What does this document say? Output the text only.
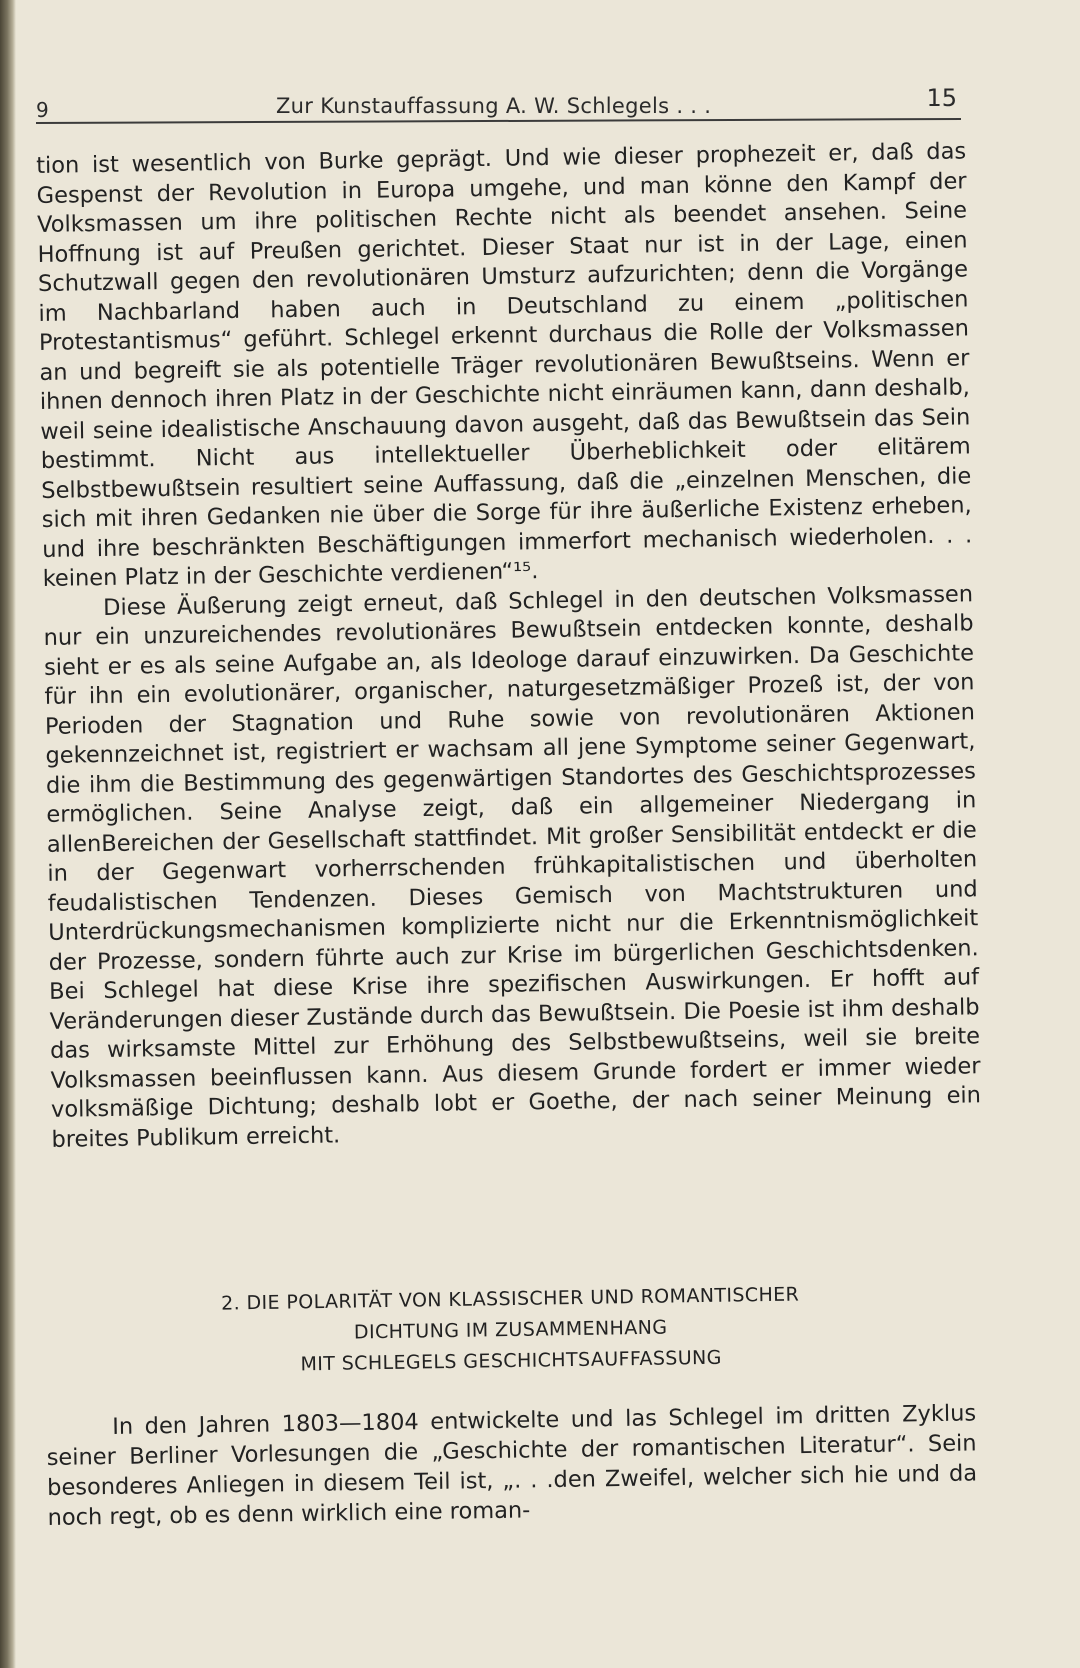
9	Zur Kunstauffassung A. W. Schlegels . . .	15

tion ist wesentlich von Burke geprägt. Und wie dieser prophezeit er, daß das Gespenst der Revolution in Europa umgehe, und man könne den Kampf der Volksmassen um ihre politischen Rechte nicht als beendet ansehen. Seine Hoffnung ist auf Preußen gerichtet. Dieser Staat nur ist in der Lage, einen Schutzwall gegen den revolutionären Umsturz aufzurichten; denn die Vorgänge im Nachbarland haben auch in Deutschland zu einem „politischen Protestantismus“ geführt. Schlegel erkennt durchaus die Rolle der Volksmassen an und begreift sie als potentielle Träger revolutionären Bewußtseins. Wenn er ihnen dennoch ihren Platz in der Geschichte nicht einräumen kann, dann deshalb, weil seine idealistische Anschauung davon ausgeht, daß das Bewußtsein das Sein bestimmt. Nicht aus intellektueller Überheblichkeit oder elitärem Selbstbewußtsein resultiert seine Auffassung, daß die „einzelnen Menschen, die sich mit ihren Gedanken nie über die Sorge für ihre äußerliche Existenz erheben, und ihre beschränkten Beschäftigungen immerfort mechanisch wiederholen. . . keinen Platz in der Geschichte verdienen“¹⁵.

Diese Äußerung zeigt erneut, daß Schlegel in den deutschen Volksmassen nur ein unzureichendes revolutionäres Bewußtsein entdecken konnte, deshalb sieht er es als seine Aufgabe an, als Ideologe darauf einzuwirken. Da Geschichte für ihn ein evolutionärer, organischer, naturgesetzmäßiger Prozeß ist, der von Perioden der Stagnation und Ruhe sowie von revolutionären Aktionen gekennzeichnet ist, registriert er wachsam all jene Symptome seiner Gegenwart, die ihm die Bestimmung des gegenwärtigen Standortes des Geschichtsprozesses ermöglichen. Seine Analyse zeigt, daß ein allgemeiner Niedergang in allenBereichen der Gesellschaft stattfindet. Mit großer Sensibilität entdeckt er die in der Gegenwart vorherrschenden frühkapitalistischen und überholten feudalistischen Tendenzen. Dieses Gemisch von Machtstrukturen und Unterdrückungsmechanismen komplizierte nicht nur die Erkenntnismöglichkeit der Prozesse, sondern führte auch zur Krise im bürgerlichen Geschichtsdenken. Bei Schlegel hat diese Krise ihre spezifischen Auswirkungen. Er hofft auf Veränderungen dieser Zustände durch das Bewußtsein. Die Poesie ist ihm deshalb das wirksamste Mittel zur Erhöhung des Selbstbewußtseins, weil sie breite Volksmassen beeinflussen kann. Aus diesem Grunde fordert er immer wieder volksmäßige Dichtung; deshalb lobt er Goethe, der nach seiner Meinung ein breites Publikum erreicht.

2. DIE POLARITÄT VON KLASSISCHER UND ROMANTISCHER
DICHTUNG IM ZUSAMMENHANG
MIT SCHLEGELS GESCHICHTSAUFFASSUNG

In den Jahren 1803—1804 entwickelte und las Schlegel im dritten Zyklus seiner Berliner Vorlesungen die „Geschichte der romantischen Literatur“. Sein besonderes Anliegen in diesem Teil ist, „. . .den Zweifel, welcher sich hie und da noch regt, ob es denn wirklich eine roman-
